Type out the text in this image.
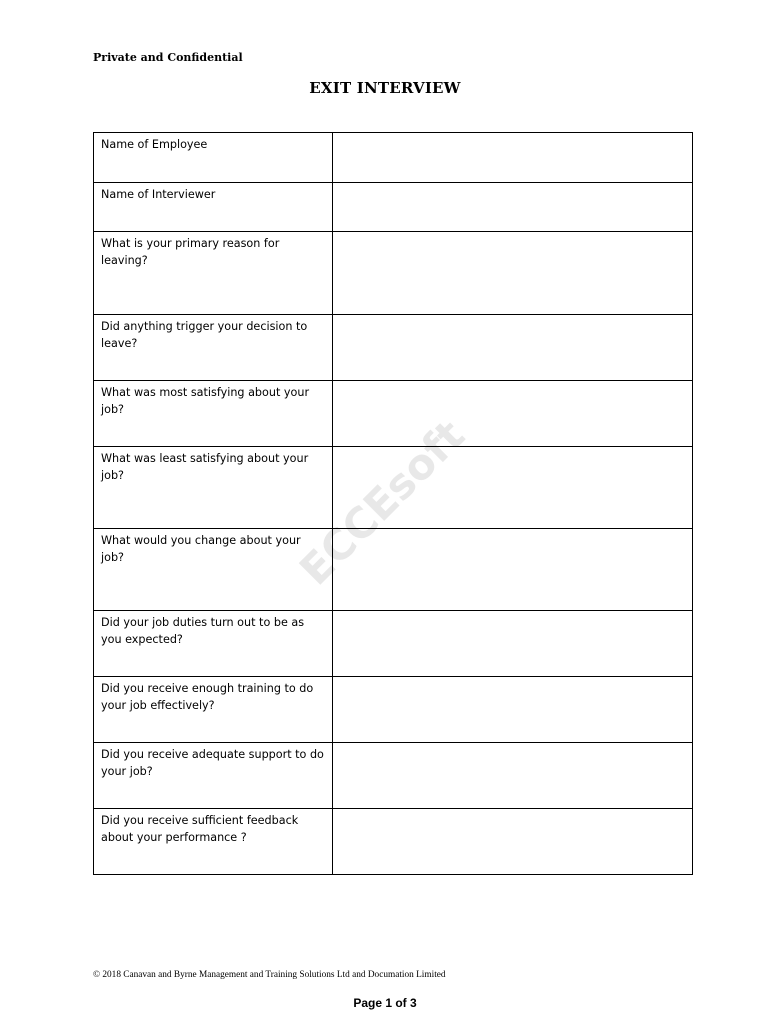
Private and Confidential
EXIT INTERVIEW
Name of Employee	
Name of Interviewer	
What is your primary reason for leaving?	
Did anything trigger your decision to leave?	
What was most satisfying about your job?	
What was least satisfying about your job?	
What would you change about your job?	
Did your job duties turn out to be as you expected?	
Did you receive enough training to do your job effectively?	
Did you receive adequate support to do your job?	
Did you receive sufficient feedback about your performance ?	
ECCEsoft
© 2018 Canavan and Byrne Management and Training Solutions Ltd and Documation Limited
Page 1 of 3
